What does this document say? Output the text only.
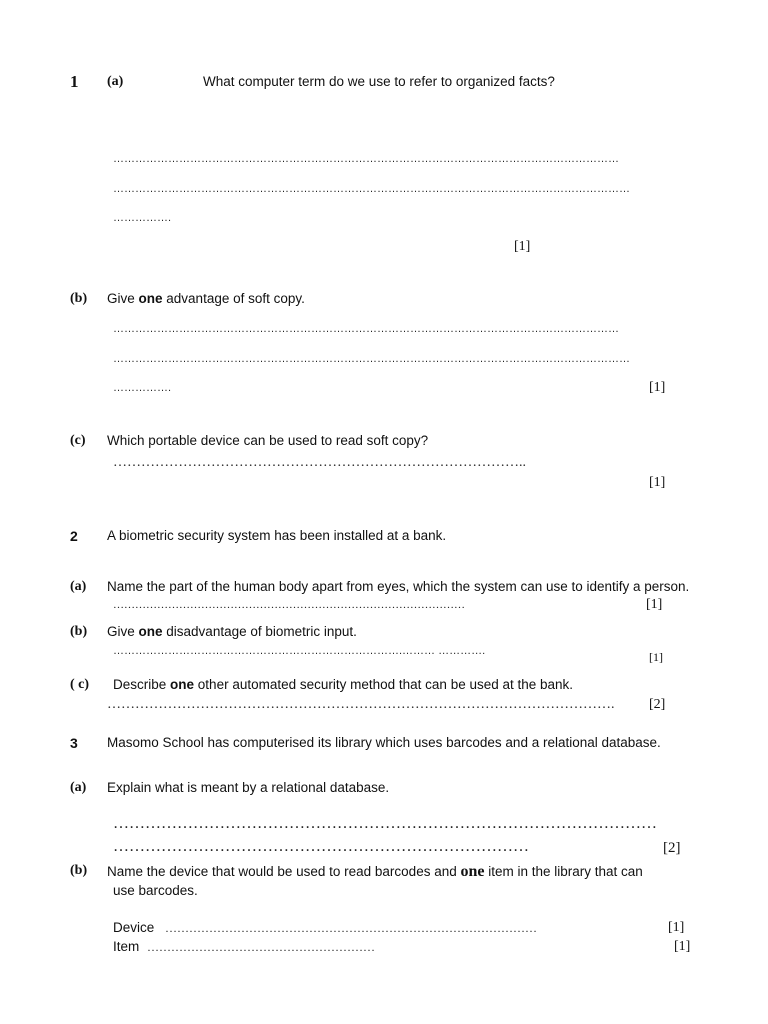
1 (a)	What computer term do we use to refer to organized facts?
…………………………………………………………………………………………………………………………
……………………………………………………………………………………………………………………………
…………….
[1]
(b) Give one advantage of soft copy.
…………………………………………………………………………………………………………………………
……………………………………………………………………………………………………………………………
…………….	[1]
(c) Which portable device can be used to read soft copy?
……………………………………………………………………………..
[1]
2 A biometric security system has been installed at a bank.
(a) Name the part of the human body apart from eyes, which the system can use to identify a person.
……………………………………………………………………………………	[1]
(b) Give one disadvantage of biometric input.
…………………………………………………………………….……… ………….	[1]
( c) Describe one other automated security method that can be used at the bank.
……………………………………………………………………………………………….	[2]
3 Masomo School has computerised its library which uses barcodes and a relational database.
(a) Explain what is meant by a relational database.
…………………………………………………………………………………………
……………………………………………………………………	[2]
(b) Name the device that would be used to read barcodes and one item in the library that can
use barcodes.
Device …………………………………………………………………………………	[1]
Item …………………………………………………	[1]
